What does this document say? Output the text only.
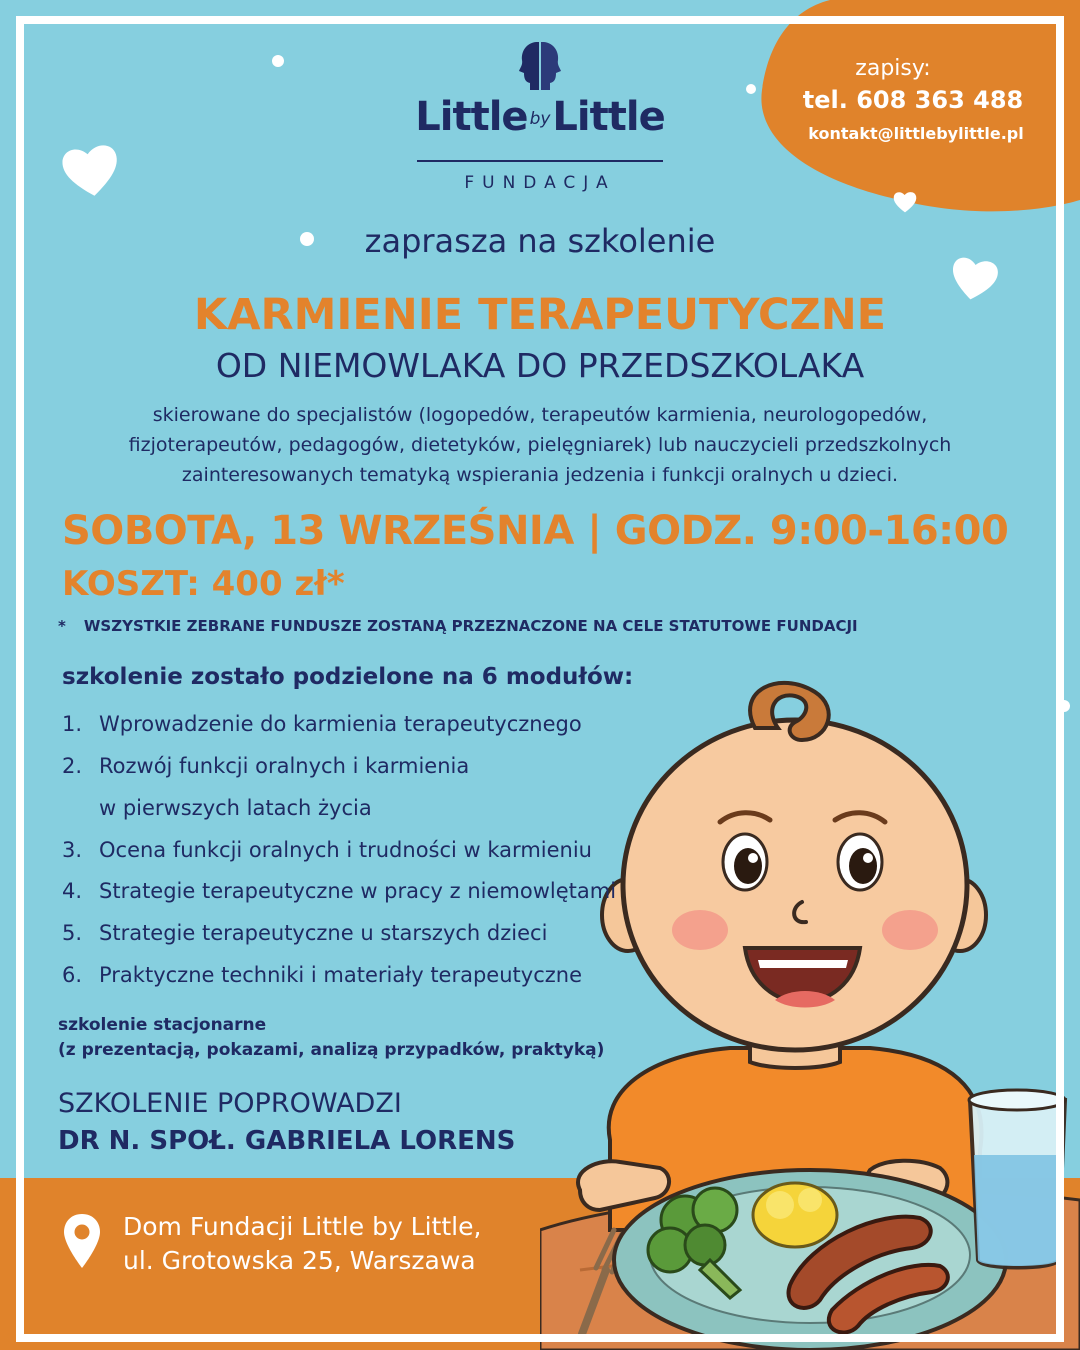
Little byLittle
FUNDACJA
zapisy:
tel. 608 363 488
kontakt@littlebylittle.pl
zaprasza na szkolenie
KARMIENIE TERAPEUTYCZNE
OD NIEMOWLAKA DO PRZEDSZKOLAKA
skierowane do specjalistów (logopedów, terapeutów karmienia, neurologopedów,
fizjoterapeutów, pedagogów, dietetyków, pielęgniarek) lub nauczycieli przedszkolnych
zainteresowanych tematyką wspierania jedzenia i funkcji oralnych u dzieci.
SOBOTA, 13 WRZEŚNIA | GODZ. 9:00-16:00
KOSZT: 400 zł*
* WSZYSTKIE ZEBRANE FUNDUSZE ZOSTANĄ PRZEZNACZONE NA CELE STATUTOWE FUNDACJI
szkolenie zostało podzielone na 6 modułów:
1. Wprowadzenie do karmienia terapeutycznego
2. Rozwój funkcji oralnych i karmienia
w pierwszych latach życia
3. Ocena funkcji oralnych i trudności w karmieniu
4. Strategie terapeutyczne w pracy z niemowlętami
5. Strategie terapeutyczne u starszych dzieci
6. Praktyczne techniki i materiały terapeutyczne
szkolenie stacjonarne
(z prezentacją, pokazami, analizą przypadków, praktyką)
SZKOLENIE POPROWADZI
DR N. SPOŁ. GABRIELA LORENS
Dom Fundacji Little by Little,
ul. Grotowska 25, Warszawa
